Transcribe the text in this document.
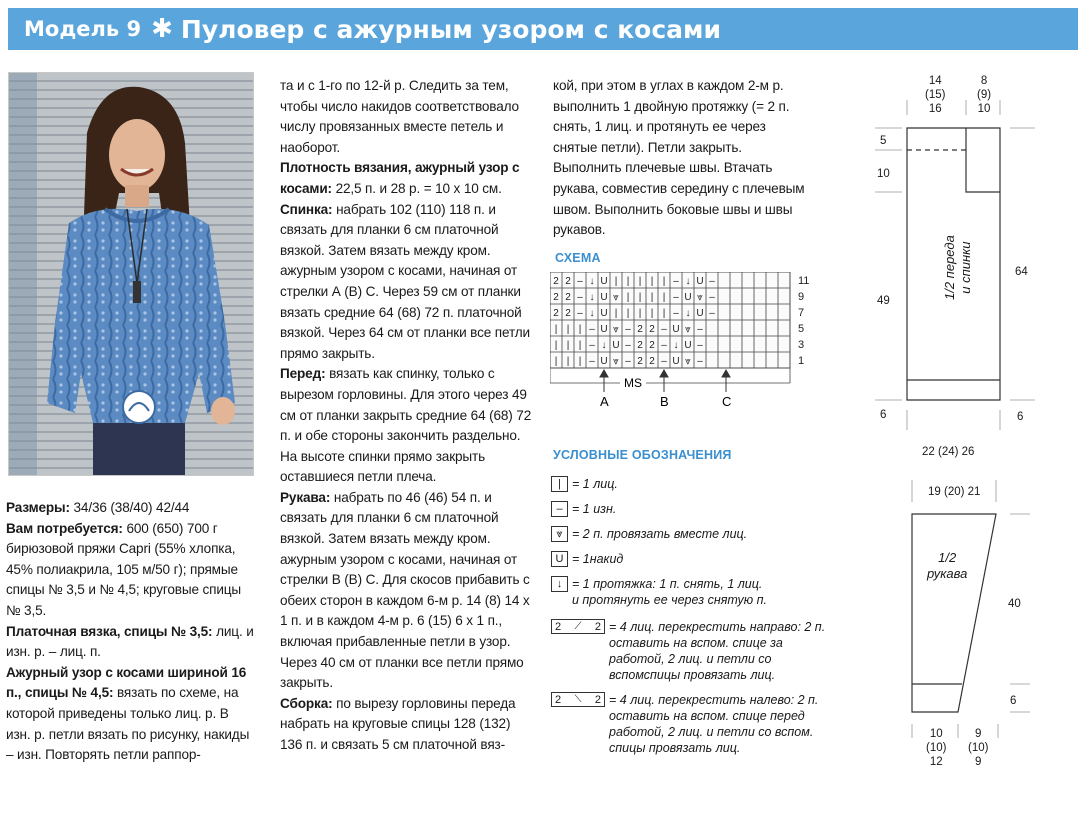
Модель 9 ✱ Пуловер с ажурным узором с косами

Размеры: 34/36 (38/40) 42/44

Вам потребуется: 600 (650) 700 г бирюзовой пряжи Capri (55% хлопка, 45% полиакрила, 105 м/50 г); прямые спицы № 3,5 и № 4,5; круговые спицы № 3,5.

Платочная вязка, спицы № 3,5: лиц. и изн. р. – лиц. п.

Ажурный узор с косами шириной 16 п., спицы № 4,5: вязать по схеме, на которой приведены только лиц. р. В изн. р. петли вязать по рисунку, накиды – изн. Повторять петли раппор-

та и с 1-го по 12-й р. Следить за тем, чтобы число накидов соответствовало числу провязанных вместе петель и наоборот.

Плотность вязания, ажурный узор с косами: 22,5 п. и 28 р. = 10 х 10 см.

Спинка: набрать 102 (110) 118 п. и связать для планки 6 см платочной вязкой. Затем вязать между кром. ажурным узором с косами, начиная от стрелки А (В) С. Через 59 см от планки вязать средние 64 (68) 72 п. платочной вязкой. Через 64 см от планки все петли прямо закрыть.

Перед: вязать как спинку, только с вырезом горловины. Для этого через 49 см от планки закрыть средние 64 (68) 72 п. и обе стороны закончить раздельно. На высоте спинки прямо закрыть оставшиеся петли плеча.

Рукава: набрать по 46 (46) 54 п. и связать для планки 6 см платочной вязкой. Затем вязать между кром. ажурным узором с косами, начиная от стрелки В (В) С. Для скосов прибавить с обеих сторон в каждом 6-м р. 14 (8) 14 х 1 п. и в каждом 4-м р. 6 (15) 6 х 1 п., включая прибавленные петли в узор. Через 40 см от планки все петли прямо закрыть.

Сборка: по вырезу горловины переда набрать на круговые спицы 128 (132) 136 п. и связать 5 см платочной вяз-

кой, при этом в углах в каждом 2-м р. выполнить 1 двойную протяжку (= 2 п. снять, 1 лиц. и протянуть ее через снятые петли). Петли закрыть. Выполнить плечевые швы. Втачать рукава, совместив середину с плечевым швом. Выполнить боковые швы и швы рукавов.

СХЕМА
2 2 – ↓ U | | | | | – ↓ U –
2 2 – ↓ U ⩔ | | | | – U ⩔ –
2 2 – ↓ U | | | | | – ↓ U –
| | | – U ⩔ – 2 2 – U ⩔ –
| | | – ↓ U – 2 2 – ↓ U –
| | | – U ⩔ – 2 2 – U ⩔ –
11
9
7
5
3
1
MS
A	B	C
УСЛОВНЫЕ ОБОЗНАЧЕНИЯ
| = 1 лиц.
– = 1 изн.
⩔ = 2 п. провязать вместе лиц.
U = 1накид
↓ = 1 протяжка: 1 п. снять, 1 лиц.
и протянуть ее через снятую п.
2 ⟋ 2 = 4 лиц. перекрестить направо: 2 п. оставить на вспом. спице за работой, 2 лиц. и петли со вспомспицы провязать лиц.
2 ⟍ 2 = 4 лиц. перекрестить налево: 2 п. оставить на вспом. спице перед работой, 2 лиц. и петли со вспом. спицы провязать лиц.
14
(15)
16
8
(9)
10
5
10
49
6
64
6
22 (24) 26
1/2 переда и спинки
19 (20) 21
1/2
рукава
40
6
10
(10)
12
9
(10)
9
